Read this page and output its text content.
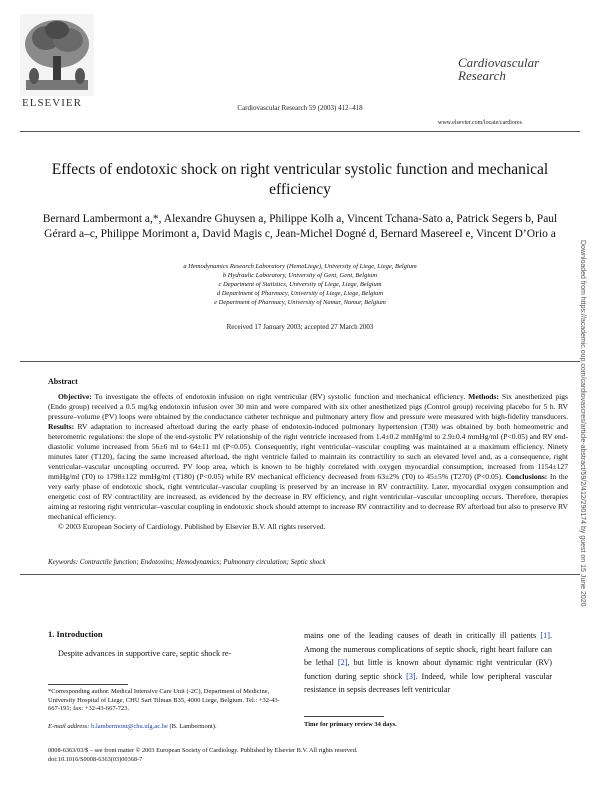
ELSEVIER	Cardiovascular Research 59 (2003) 412–418
Cardiovascular
Research
www.elsevier.com/locate/cardiores
Effects of endotoxic shock on right ventricular systolic function and mechanical efficiency
Bernard Lambermont a,*, Alexandre Ghuysen a, Philippe Kolh a, Vincent Tchana-Sato a, Patrick Segers b, Paul Gérard a–c, Philippe Morimont a, David Magis c, Jean-Michel Dogné d, Bernard Masereel e, Vincent D’Orio a
a Hemodynamics Research Laboratory (HemoLiege), University of Liege, Liege, Belgium
b Hydraulic Laboratory, University of Gent, Gent, Belgium
c Department of Statistics, University of Liege, Liege, Belgium
d Department of Pharmacy, University of Liege, Liege, Belgium
e Department of Pharmacy, University of Namur, Namur, Belgium
Received 17 January 2003; accepted 27 March 2003
Abstract

Objective: To investigate the effects of endotoxin infusion on right ventricular (RV) systolic function and mechanical efficiency. Methods: Six anesthetized pigs (Endo group) received a 0.5 mg/kg endotoxin infusion over 30 min and were compared with six other anesthetized pigs (Control group) receiving placebo for 5 h. RV pressure–volume (PV) loops were obtained by the conductance catheter technique and pulmonary artery flow and pressure were measured with high-fidelity transducers. Results: RV adaptation to increased afterload during the early phase of endotoxin-induced pulmonary hypertension (T30) was obtained by both homeometric and heterometric regulations: the slope of the end-systolic PV relationship of the right ventricle increased from 1.4±0.2 mmHg/ml to 2.9±0.4 mmHg/ml (P<0.05) and RV end-diastolic volume increased from 56±6 ml to 64±11 ml (P<0.05). Consequently, right ventricular–vascular coupling was maintained at a maximum efficiency. Ninety minutes later (T120), facing the same increased afterload, the right ventricle failed to maintain its contractility to such an elevated level and, as a consequence, right ventricular–vascular uncoupling occurred. PV loop area, which is known to be highly correlated with oxygen myocardial consumption, increased from 1154±127 mmHg/ml (T0) to 1798±122 mmHg/ml (T180) (P<0.05) while RV mechanical efficiency decreased from 63±2% (T0) to 45±5% (T270) (P<0.05). Conclusions: In the very early phase of endotoxic shock, right ventricular–vascular coupling is preserved by an increase in RV contractility. Later, myocardial oxygen consumption and energetic cost of RV contractility are increased, as evidenced by the decrease in RV efficiency, and right ventricular–vascular uncoupling occurs. Therefore, therapies aiming at restoring right ventricular–vascular coupling in endotoxic shock should attempt to increase RV contractility and to decrease RV afterload but also to preserve RV mechanical efficiency.

© 2003 European Society of Cardiology. Published by Elsevier B.V. All rights reserved.

Keywords: Contractile function; Endotoxins; Hemodynamics; Pulmonary circulation; Septic shock
1. Introduction
Despite advances in supportive care, septic shock re-
mains one of the leading causes of death in critically ill patients [1]. Among the numerous complications of septic shock, right heart failure can be lethal [2], but little is known about dynamic right ventricular (RV) function during septic shock [3]. Indeed, while low peripheral vascular resistance in sepsis decreases left ventricular
*Corresponding author. Medical Intensive Care Unit (-2C), Department of Medicine, University Hospital of Liege, CHU Sart Tilman B35, 4000 Liege, Belgium. Tel.: +32-43-667-191; fax: +32-43-667-723.
E-mail address: b.lambermont@chu.ulg.ac.be (B. Lambermont).	Time for primary review 34 days.
0008-6363/03/$ – see front matter © 2003 European Society of Cardiology. Published by Elsevier B.V. All rights reserved.
doi:10.1016/S0008-6363(03)00368-7
Downloaded from https://academic.oup.com/cardiovascres/article-abstract/59/2/412/290174 by guest on 15 June 2020
